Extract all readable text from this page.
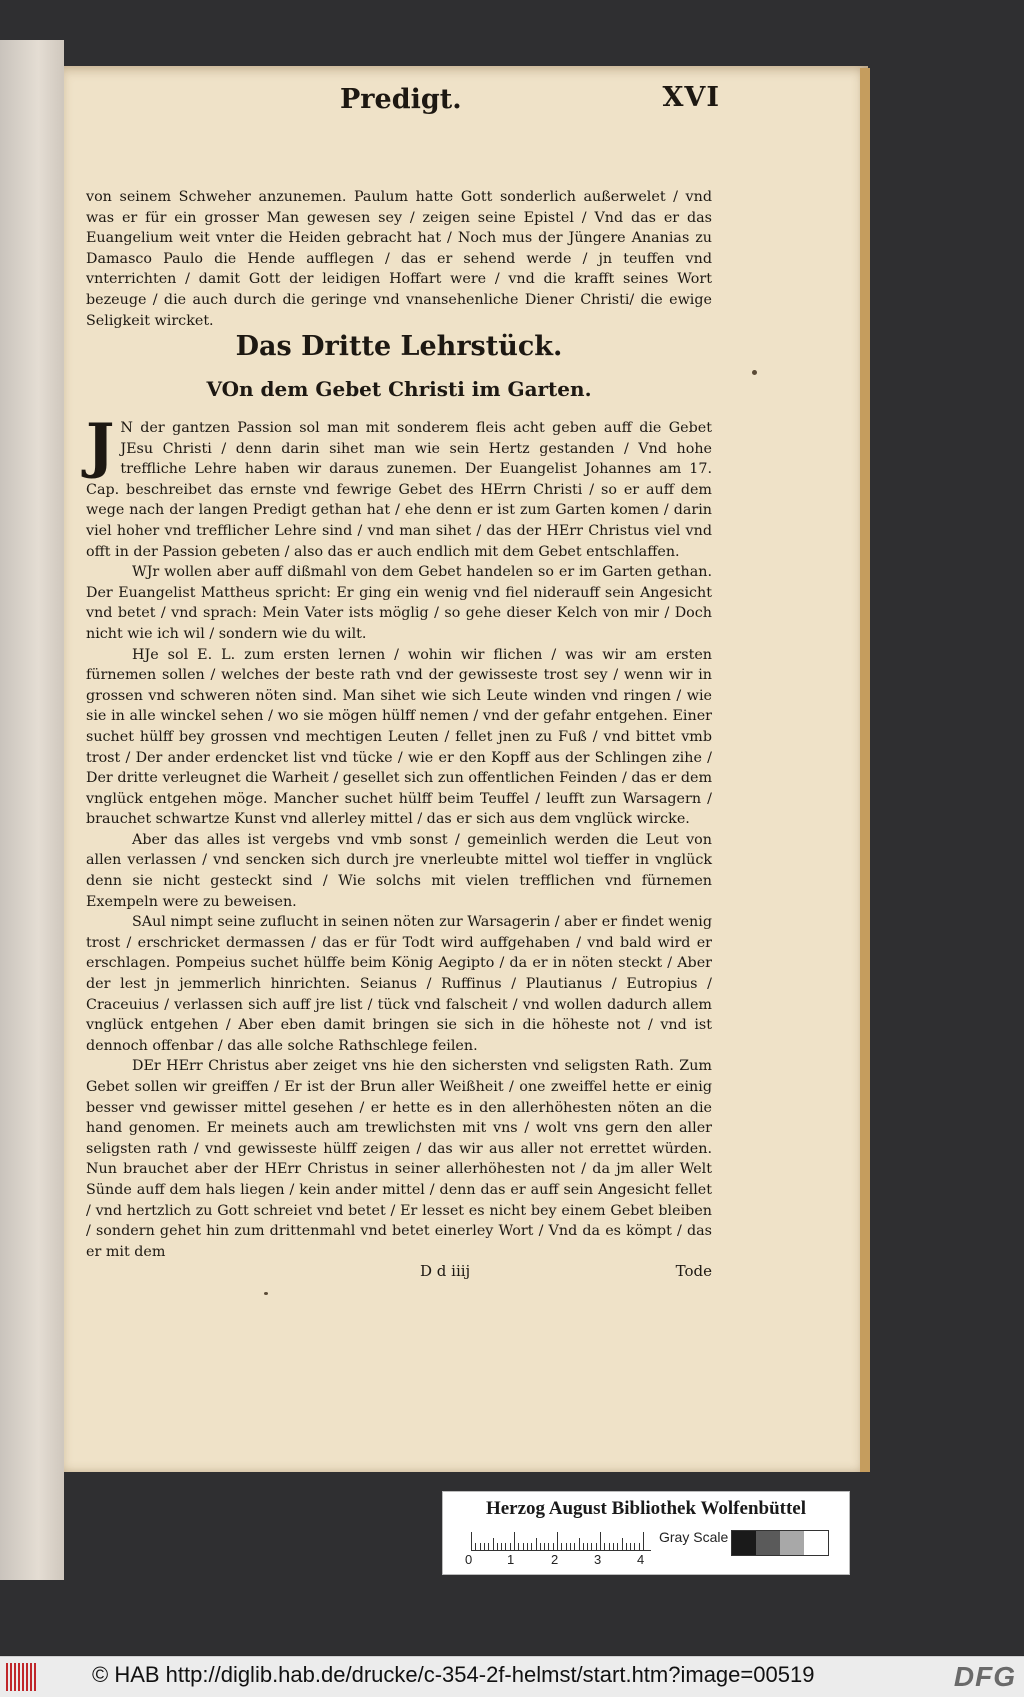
Predigt.	XVI

von seinem Schweher anzunemen. Paulum hatte Gott sonderlich außerwelet / vnd was er für ein grosser Man gewesen sey / zeigen seine Epistel / Vnd das er das Euangelium weit vnter die Heiden gebracht hat / Noch mus der Jüngere Ananias zu Damasco Paulo die Hende aufflegen / das er sehend werde / jn teuffen vnd vnterrichten / damit Gott der leidigen Hoffart were / vnd die krafft seines Wort bezeuge / die auch durch die geringe vnd vnansehenliche Diener Christi/ die ewige Seligkeit wircket.

Das Dritte Lehrstück.
VOn dem Gebet Christi im Garten.

J N der gantzen Passion sol man mit sonderem fleis acht geben auff die Gebet JEsu Christi / denn darin sihet man wie sein Hertz gestanden / Vnd hohe treffliche Lehre haben wir daraus zunemen. Der Euangelist Johannes am 17. Cap. beschreibet das ernste vnd fewrige Gebet des HErrn Christi / so er auff dem wege nach der langen Predigt gethan hat / ehe denn er ist zum Garten komen / darin viel hoher vnd trefflicher Lehre sind / vnd man sihet / das der HErr Christus viel vnd offt in der Passion gebeten / also das er auch endlich mit dem Gebet entschlaffen.

WJr wollen aber auff dißmahl von dem Gebet handelen so er im Garten gethan. Der Euangelist Mattheus spricht: Er ging ein wenig vnd fiel niderauff sein Angesicht vnd betet / vnd sprach: Mein Vater ists möglig / so gehe dieser Kelch von mir / Doch nicht wie ich wil / sondern wie du wilt.

HJe sol E. L. zum ersten lernen / wohin wir flichen / was wir am ersten fürnemen sollen / welches der beste rath vnd der gewisseste trost sey / wenn wir in grossen vnd schweren nöten sind. Man sihet wie sich Leute winden vnd ringen / wie sie in alle winckel sehen / wo sie mögen hülff nemen / vnd der gefahr entgehen. Einer suchet hülff bey grossen vnd mechtigen Leuten / fellet jnen zu Fuß / vnd bittet vmb trost / Der ander erdencket list vnd tücke / wie er den Kopff aus der Schlingen zihe / Der dritte verleugnet die Warheit / gesellet sich zun offentlichen Feinden / das er dem vnglück entgehen möge. Mancher suchet hülff beim Teuffel / leufft zun Warsagern / brauchet schwartze Kunst vnd allerley mittel / das er sich aus dem vnglück wircke.

Aber das alles ist vergebs vnd vmb sonst / gemeinlich werden die Leut von allen verlassen / vnd sencken sich durch jre vnerleubte mittel wol tieffer in vnglück denn sie nicht gesteckt sind / Wie solchs mit vielen trefflichen vnd fürnemen Exempeln were zu beweisen.

SAul nimpt seine zuflucht in seinen nöten zur Warsagerin / aber er findet wenig trost / erschricket dermassen / das er für Todt wird auffgehaben / vnd bald wird er erschlagen. Pompeius suchet hülffe beim König Aegipto / da er in nöten steckt / Aber der lest jn jemmerlich hinrichten. Seianus / Ruffinus / Plautianus / Eutropius / Craceuius / verlassen sich auff jre list / tück vnd falscheit / vnd wollen dadurch allem vnglück entgehen / Aber eben damit bringen sie sich in die höheste not / vnd ist dennoch offenbar / das alle solche Rathschlege feilen.

DEr HErr Christus aber zeiget vns hie den sichersten vnd seligsten Rath. Zum Gebet sollen wir greiffen / Er ist der Brun aller Weißheit / one zweiffel hette er einig besser vnd gewisser mittel gesehen / er hette es in den allerhöhesten nöten an die hand genomen. Er meinets auch am trewlichsten mit vns / wolt vns gern den aller seligsten rath / vnd gewisseste hülff zeigen / das wir aus aller not errettet würden. Nun brauchet aber der HErr Christus in seiner allerhöhesten not / da jm aller Welt Sünde auff dem hals liegen / kein ander mittel / denn das er auff sein Angesicht fellet / vnd hertzlich zu Gott schreiet vnd betet / Er lesset es nicht bey einem Gebet bleiben / sondern gehet hin zum drittenmahl vnd betet einerley Wort / Vnd da es kömpt / das er mit dem

D d iiij	Tode
Herzog August Bibliothek Wolfenbüttel
0	1	2	3	4
Gray Scale
© HAB http://diglib.hab.de/drucke/c-354-2f-helmst/start.htm?image=00519	DFG
